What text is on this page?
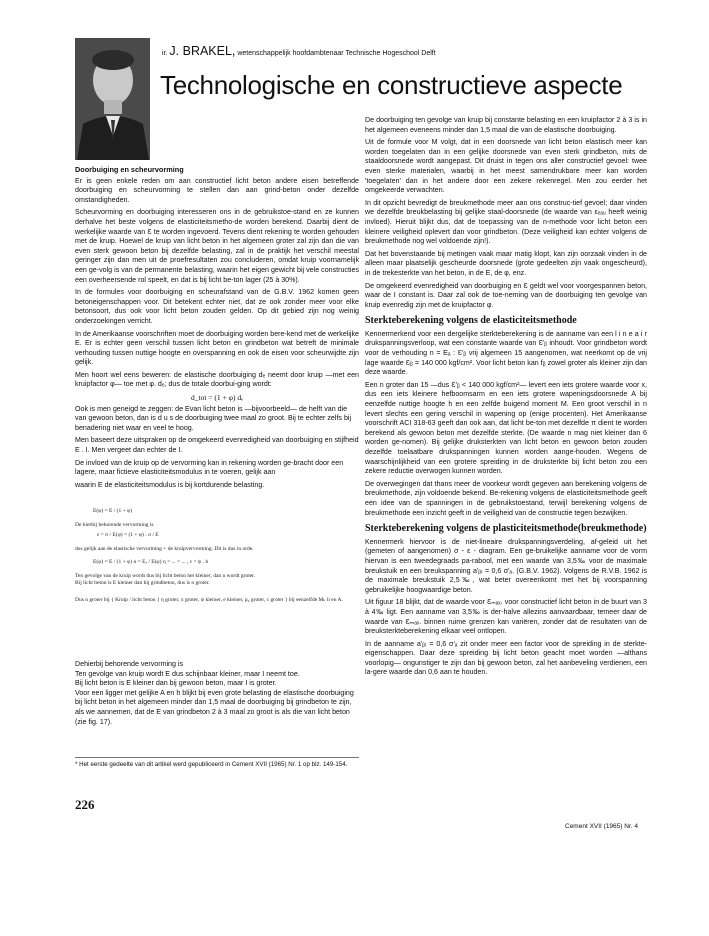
ir. J. BRAKEL, wetenschappelijk hoofdambtenaar Technische Hogeschool Delft
Technologische en constructieve aspecte
Doorbuiging en scheurvorming

Er is geen enkele reden om aan constructief licht beton andere eisen betreffende doorbuiging en scheurvorming te stellen dan aan grind-beton onder dezelfde omstandigheden.

Scheurvorming en doorbuiging interesseren ons in de gebruikstoe-stand en ze kunnen derhalve het beste volgens de elasticiteitsmetho-de worden berekend. Daarbij dient de werkelijke waarde van Ɛ te worden ingevoerd. Tevens dient rekening te worden gehouden met de kruip. Hoewel de kruip van licht beton in het algemeen groter zal zijn dan die van even sterk gewoon beton bij dezelfde belasting, zal in de praktijk het verschil meestal geringer zijn dan men uit de proefresultaten zou concluderen, omdat kruip voornamelijk een ge-volg is van de permanente belasting, waarin het eigen gewicht bij vele constructies een overheersende rol speelt, en dat is bij licht be-ton lager (25 à 30%).

In de formules voor doorbuiging en scheurafstand van de G.B.V. 1962 komen geen betoneigenschappen voor. Dit betekent echter niet, dat ze ook zonder meer voor elke betonsoort, dus ook voor licht beton zouden gelden. Op dit gebied zijn nog weinig onderzoekingen verricht.

In de Amerikaanse voorschriften moet de doorbuiging worden bere-kend met de werkelijke E. Er is echter geen verschil tussen licht beton en grindbeton wat betreft de minimale verhouding tussen nuttige hoogte en overspanning en ook de eisen voor scheurwijdte zijn gelijk.

Men hoort wel eens beweren: de elastische doorbuiging dₑ neemt door kruip —met een kruipfactor φ— toe met φ. dₑ; dus de totale doorbui-ging wordt:

d_tot = (1 + φ) dₑ

Ook is men geneigd te zeggen: de Evan licht beton is —bijvoorbeeld— de helft van die van gewoon beton, dan is d u s de doorbuiging twee maal zo groot. Bij te echter zelfs bij benadering niet waar en veel te hoog.

Men baseert deze uitspraken op de omgekeerd evenredigheid van doorbuiging en stijfheid E . I. Men vergeet dan echter de I.

De invloed van de kruip op de vervorming kan in rekening worden ge-bracht door een lagere, maar fictieve elasticiteitsmodulus in te voeren, gelijk aan

waarin E de elasticiteitsmodulus is bij kortdurende belasting.

E(φ) = E / (1 + φ)
De hierbij behorende vervorming is
ε = σ / E(φ) = (1 + φ) . σ / E
dus gelijk aan de elastische vervorming + de kruipvervorming. Dit is dus in orde.
E(φ) = E / (1 + φ) n = Eₐ / E(φ) η = ... = ... , ε = ψ . b
Ten gevolge van de kruip wordt dus bij licht beton het kleiner, dan n wordt groter.
Bij licht beton is E kleiner dan bij grindbeton, dus is n groter.
Dus n groter bij { Kruip / licht beton } η groter, x groter, ψ kleiner, e kleiner, ρ₀ groter, c groter } bij eenzelfde Mₖ b en A.

Dehierbij behorende vervorming is

Ten gevolge van kruip wordt E dus schijnbaar kleiner, maar I neemt toe.

Bij licht beton is E kleiner dan bij gewoon beton, maar I is groter.

Voor een ligger met gelijke A en h blijkt bij even grote belasting de elastische doorbuiging bij licht beton in het algemeen minder dan 1,5 maal de doorbuiging bij grindbeton te zijn, als we aannemen, dat de E van grindbeton 2 à 3 maal zo groot is als die van licht beton (zie fig. 17).

* Het eerste gedeelte van dit artikel werd gepubliceerd in Cement XVII (1965) Nr. 1 op blz. 149-154.
226

De doorbuiging ten gevolge van kruip bij constante belasting en een kruipfactor 2 à 3 is in het algemeen eveneens minder dan 1,5 maal die van de elastische doorbuiging.

Uit de formule voor M volgt, dat in een doorsnede van licht beton elastisch meer kan worden toegelaten dan in een gelijke doorsnede van even sterk grindbeton, mits de staaldoorsnede wordt aangepast. Dit druist in tegen ons aller constructief gevoel: twee even sterke materialen, waarbij in het meest samendrukbare meer kan worden 'toegelaten' dan in het andere door een zekere rekenregel. Men zou eerder het omgekeerde verwachten.

In dit opzicht bevredigt de breukmethode meer aan ons construc-tief gevoel; daar vinden we dezelfde breukbelasting bij gelijke staal-doorsnede (de waarde van εₑₐᵤ heeft weinig invloed). Hieruit blijkt dus, dat de toepassing van de n-methode voor licht beton een kleinere veiligheid oplevert dan voor grindbeton. (Deze veiligheid kan echter volgens de breukmethode nog wel voldoende zijn!).

Dat het bovenstaande bij metingen vaak maar matig klopt, kan zijn oorzaak vinden in de alleen maar plaatselijk gescheurde doorsnede (grote gedeelten zijn vaak ongescheurd), in de trekesterkte van het beton, in de E, de φ, enz.

De omgekeerd evenredigheid van doorbuiging en Ɛ geldt wel voor voorgespannen beton, waar de I constant is. Daar zal ook de toe-neming van de doorbuiging ten gevolge van kruip evenredig zijn met de kruipfactor φ.

Sterkteberekening volgens de elasticiteitsmethode

Kennermerkend voor een dergelijke sterkteberekening is de aanname van een l i n e a i r drukspanningsverloop, wat een constante waarde van Ɛ'ᵦ inhoudt. Voor grindbeton wordt voor de verhouding n = Eₐ : Ɛ'ᵦ vrij algemeen 15 aangenomen, wat neerkomt op de vrij lage waarde Ɛᵦ = 140 000 kgf/cm². Voor licht beton kan fᵦ zowel groter als kleiner zijn dan deze waarde.

Een n groter dan 15 —dus Ɛ'ᵦ < 140 000 kgf/cm²— levert een iets grotere waarde voor x, dus een iets kleinere hefboomsarm en een iets grotere wapeningsdoorsnede A bij eenzelfde nuttige hoogte h en een zelfde buigend moment M. Een groot verschil in n levert slechts een gering verschil in wapening op (enige procenten). Het Amerikaanse voorschrift ACI 318-63 geeft dan ook aan, dat licht be-ton met dezelfde π dient te worden berekend als gewoon beton met dezelfde sterkte. (De waarde n mag niet kleiner dan 6 worden ge-nomen). Bij gelijke druksterkten van licht beton en gewoon beton zouden dezelfde toelaatbare drukspanningen kunnen worden aange-houden. Wegens de waarschijnlijkheid van een grotere spreiding in de druksterkte bij licht beton zou een zekere reductie overwogen kunnen worden.

De overwegingen dat thans meer de voorkeur wordt gegeven aan berekening volgens de breukmethode, zijn voldoende bekend. Be-rekening volgens de elasticiteitsmethode geeft een idee van de spanningen in de gebruikstoestand, terwijl berekening volgens de breukmethode een inzicht geeft in de veiligheid van de constructie tegen bezwijken.

Sterkteberekening volgens de plasticiteitsmethode(breukmethode)

Kennermerk hiervoor is de niet-lineaire drukspanningsverdeling, af-geleid uit het (gemeten of aangenomen) σ - ε - diagram. Een ge-bruikelijke aanname voor de vorm hiervan is een tweedegraads pa-rabool, met een waarde van 3,5‰ voor de maximale breukstuik en een breukspanning a'ᵦᵣ = 0,6 σ'ₐ. (G.B.V. 1962). Volgens de R.V.B. 1962 is de maximale breukstuik 2,5‰, wat beter overeenkomt met het bij voorspanning gebruikelijke hoogwaardige beton.

Uit figuur 18 blijkt, dat de waarde voor Ɛₘₐₓ. voor constructief licht beton in de buurt van 3 à 4‰ ligt. Een aanname van 3,5‰ is der-halve allezins aanvaardbaar, temeer daar de waarde van Ɛₘₐₓ. binnen ruime grenzen kan variëren, zonder dat de resultaten van de breuksterkteberekening elkaar veel ontlopen.

In de aanname a'ᵦᵣ = 0,6 σ'ₐ zit onder meer een factor voor de spreiding in de sterkte-eigenschappen. Daar deze spreiding bij licht beton geacht moet worden —althans voorlopig— ongunstiger te zijn dan bij gewoon beton, zal het aanbeveling verdienen, een la-gere waarde dan 0,6 aan te houden.

Cement XVII (1965) Nr. 4
